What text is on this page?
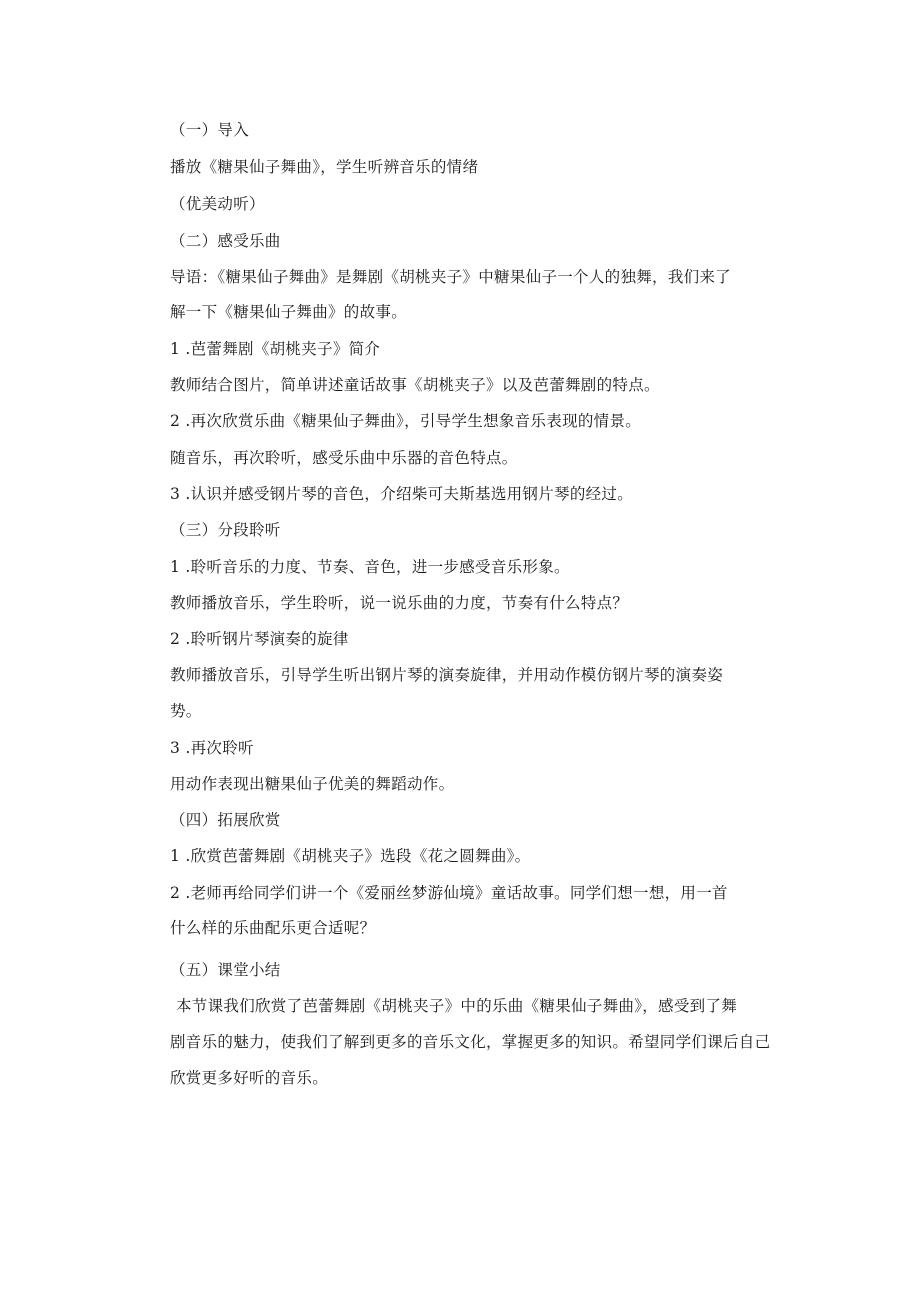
（一）导入
播放《糖果仙子舞曲》，学生听辨音乐的情绪
（优美动听）
（二）感受乐曲
导语：《糖果仙子舞曲》是舞剧《胡桃夹子》中糖果仙子一个人的独舞，我们来了
解一下《糖果仙子舞曲》的故事。
1 .芭蕾舞剧《胡桃夹子》简介
教师结合图片，简单讲述童话故事《胡桃夹子》以及芭蕾舞剧的特点。
2 .再次欣赏乐曲《糖果仙子舞曲》，引导学生想象音乐表现的情景。
随音乐，再次聆听，感受乐曲中乐器的音色特点。
3 .认识并感受钢片琴的音色，介绍柴可夫斯基选用钢片琴的经过。
（三）分段聆听
1 .聆听音乐的力度、节奏、音色，进一步感受音乐形象。
教师播放音乐，学生聆听，说一说乐曲的力度，节奏有什么特点？
2 .聆听钢片琴演奏的旋律
教师播放音乐，引导学生听出钢片琴的演奏旋律，并用动作模仿钢片琴的演奏姿
势。
3 .再次聆听
用动作表现出糖果仙子优美的舞蹈动作。
（四）拓展欣赏
1 .欣赏芭蕾舞剧《胡桃夹子》选段《花之圆舞曲》。
2 .老师再给同学们讲一个《爱丽丝梦游仙境》童话故事。同学们想一想，用一首
什么样的乐曲配乐更合适呢？
（五）课堂小结
本节课我们欣赏了芭蕾舞剧《胡桃夹子》中的乐曲《糖果仙子舞曲》，感受到了舞
剧音乐的魅力，使我们了解到更多的音乐文化，掌握更多的知识。希望同学们课后自己
欣赏更多好听的音乐。
